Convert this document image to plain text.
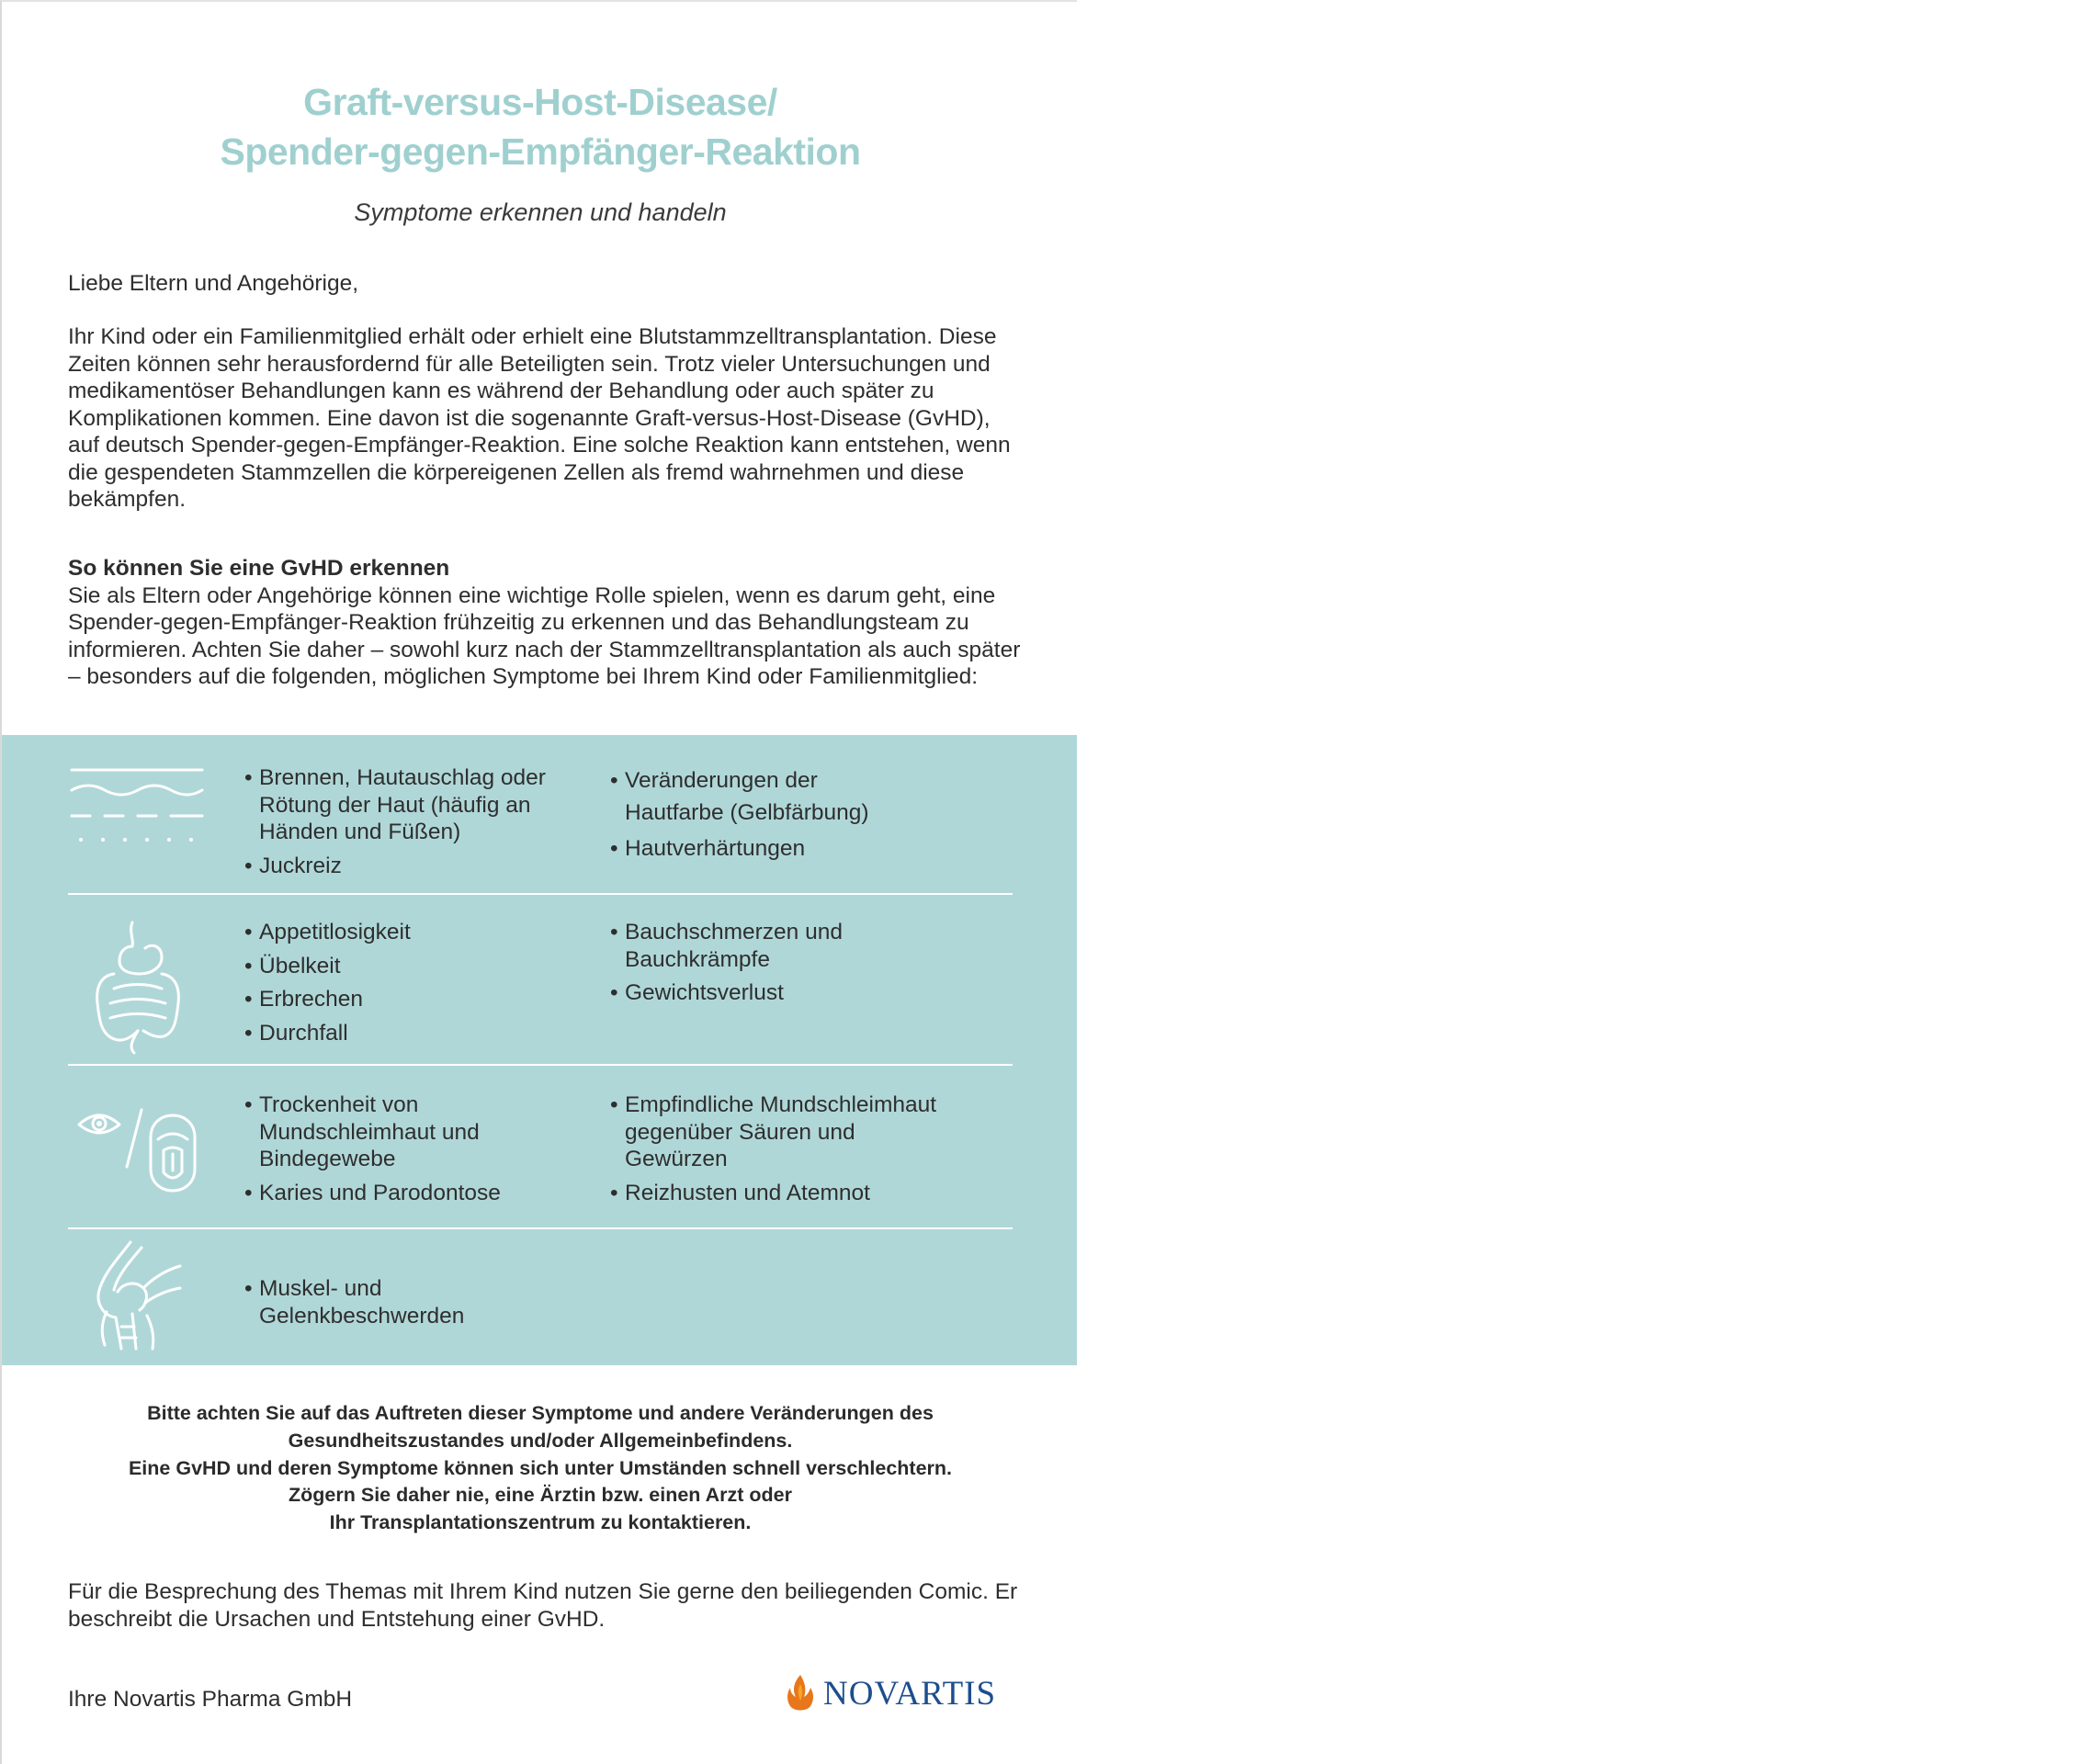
Graft-versus-Host-Disease/
Spender-gegen-Empfänger-Reaktion
Symptome erkennen und handeln
Liebe Eltern und Angehörige,
Ihr Kind oder ein Familienmitglied erhält oder erhielt eine Blutstammzelltransplantation. Diese Zeiten können sehr herausfordernd für alle Beteiligten sein. Trotz vieler Untersuchungen und medikamentöser Behandlungen kann es während der Behandlung oder auch später zu Komplikationen kommen. Eine davon ist die sogenannte Graft-versus-Host-Disease (GvHD), auf deutsch Spender-gegen-Empfänger-Reaktion. Eine solche Reaktion kann entstehen, wenn die gespendeten Stammzellen die körpereigenen Zellen als fremd wahrnehmen und diese bekämpfen.
So können Sie eine GvHD erkennen
Sie als Eltern oder Angehörige können eine wichtige Rolle spielen, wenn es darum geht, eine Spender-gegen-Empfänger-Reaktion frühzeitig zu erkennen und das Behandlungsteam zu informieren. Achten Sie daher – sowohl kurz nach der Stammzelltransplantation als auch später – besonders auf die folgenden, möglichen Symptome bei Ihrem Kind oder Familienmitglied:
• Brennen, Hautauschlag oder Rötung der Haut (häufig an Händen und Füßen)
• Juckreiz
• Veränderungen der Hautfarbe (Gelbfärbung)
• Hautverhärtungen
• Appetitlosigkeit
• Übelkeit
• Erbrechen
• Durchfall
• Bauchschmerzen und Bauchkrämpfe
• Gewichtsverlust
• Trockenheit von Mundschleimhaut und Bindegewebe
• Karies und Parodontose
• Empfindliche Mundschleimhaut gegenüber Säuren und Gewürzen
• Reizhusten und Atemnot
• Muskel- und Gelenkbeschwerden
Bitte achten Sie auf das Auftreten dieser Symptome und andere Veränderungen des
Gesundheitszustandes und/oder Allgemeinbefindens.
Eine GvHD und deren Symptome können sich unter Umständen schnell verschlechtern.
Zögern Sie daher nie, eine Ärztin bzw. einen Arzt oder
Ihr Transplantationszentrum zu kontaktieren.
Für die Besprechung des Themas mit Ihrem Kind nutzen Sie gerne den beiliegenden Comic. Er beschreibt die Ursachen und Entstehung einer GvHD.
Ihre Novartis Pharma GmbH	NOVARTIS
